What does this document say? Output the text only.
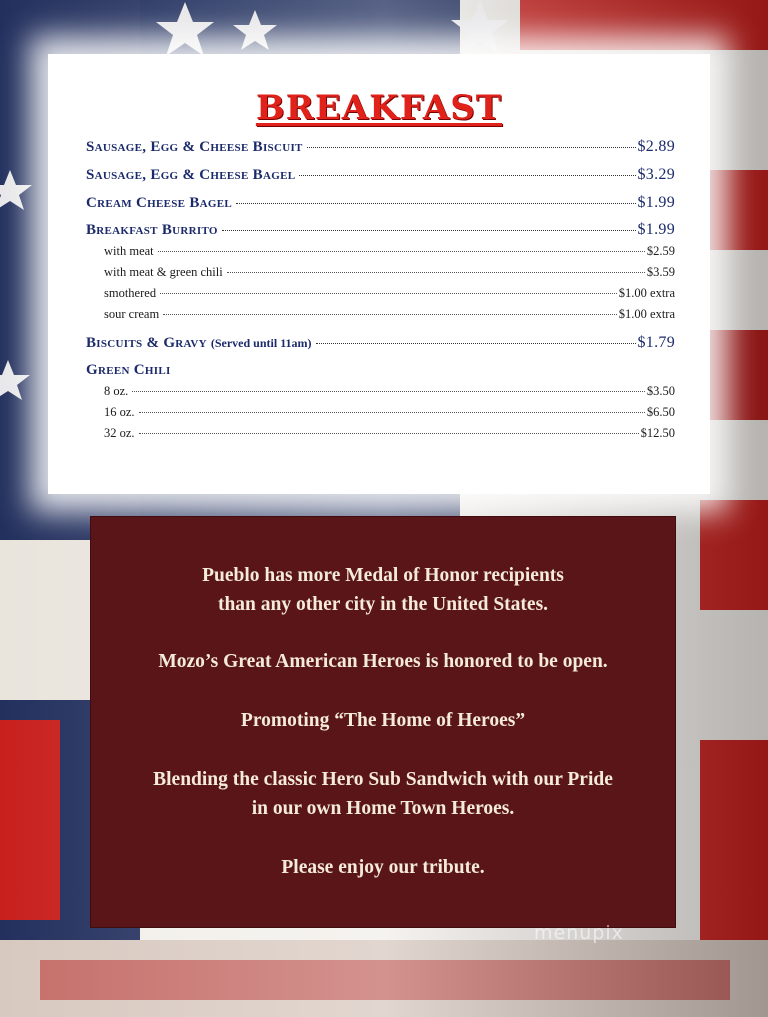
BREAKFAST
Sausage, Egg & Cheese Biscuit	$2.89
Sausage, Egg & Cheese Bagel	$3.29
Cream Cheese Bagel	$1.99
Breakfast Burrito	$1.99
with meat	$2.59
with meat & green chili	$3.59
smothered	$1.00 extra
sour cream	$1.00 extra
Biscuits & Gravy (Served until 11am)	$1.79
Green Chili
8 oz.	$3.50
16 oz.	$6.50
32 oz.	$12.50
Pueblo has more Medal of Honor recipients
than any other city in the United States.
Mozo’s Great American Heroes is honored to be open.
Promoting “The Home of Heroes”
Blending the classic Hero Sub Sandwich with our Pride
in our own Home Town Heroes.
Please enjoy our tribute.
menupix
